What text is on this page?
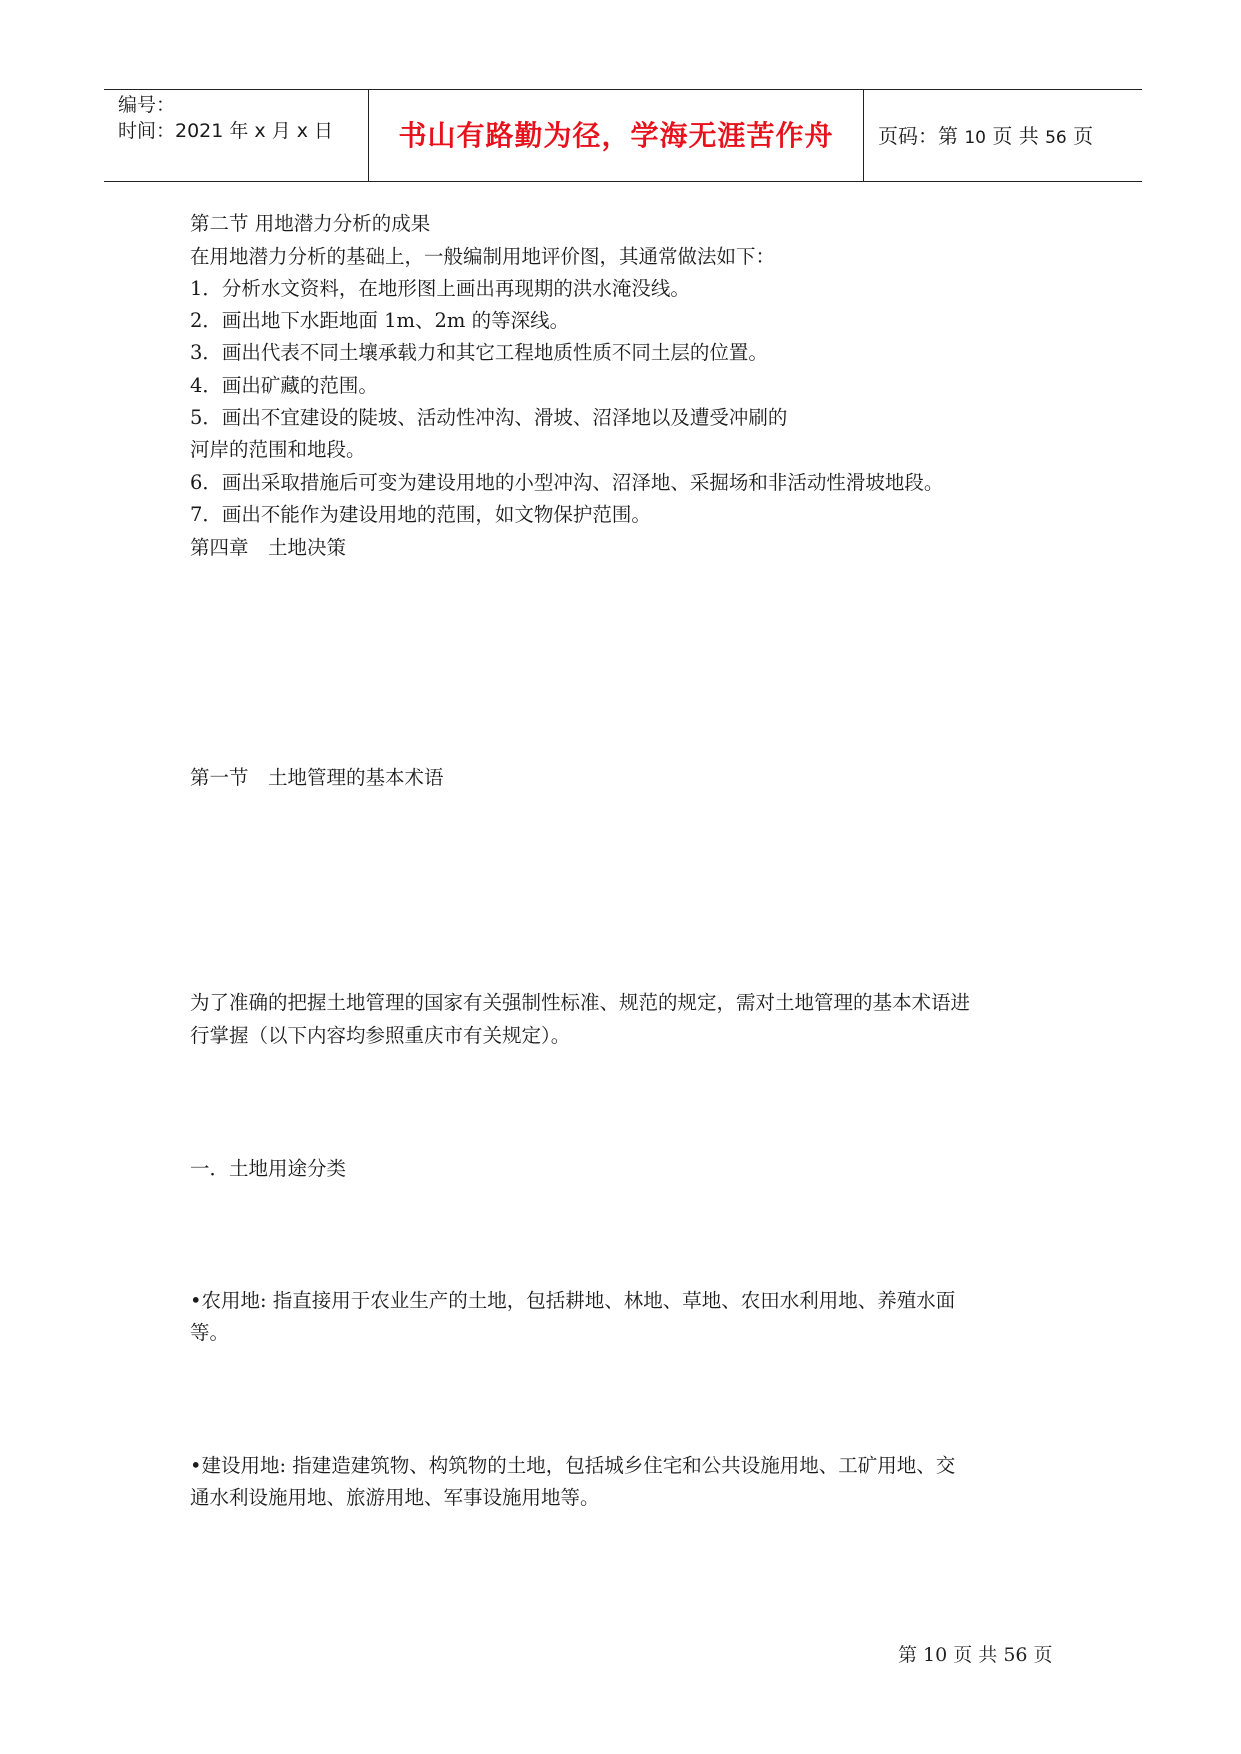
编号：
时间：2021 年 x 月 x 日	书山有路勤为径，学海无涯苦作舟	页码：第 10 页 共 56 页
第二节 用地潜力分析的成果
在用地潜力分析的基础上，一般编制用地评价图，其通常做法如下：
1．分析水文资料，在地形图上画出再现期的洪水淹没线。
2．画出地下水距地面 1m、2m 的等深线。
3．画出代表不同土壤承载力和其它工程地质性质不同土层的位置。
4．画出矿藏的范围。
5．画出不宜建设的陡坡、活动性冲沟、滑坡、沼泽地以及遭受冲刷的
河岸的范围和地段。
6．画出采取措施后可变为建设用地的小型冲沟、沼泽地、采掘场和非活动性滑坡地段。
7．画出不能作为建设用地的范围，如文物保护范围。
第四章　土地决策
第一节　土地管理的基本术语
为了准确的把握土地管理的国家有关强制性标准、规范的规定，需对土地管理的基本术语进
行掌握（以下内容均参照重庆市有关规定）。
一．土地用途分类
•农用地: 指直接用于农业生产的土地，包括耕地、林地、草地、农田水利用地、养殖水面
等。
•建设用地: 指建造建筑物、构筑物的土地，包括城乡住宅和公共设施用地、工矿用地、交
通水利设施用地、旅游用地、军事设施用地等。
第 10 页 共 56 页
